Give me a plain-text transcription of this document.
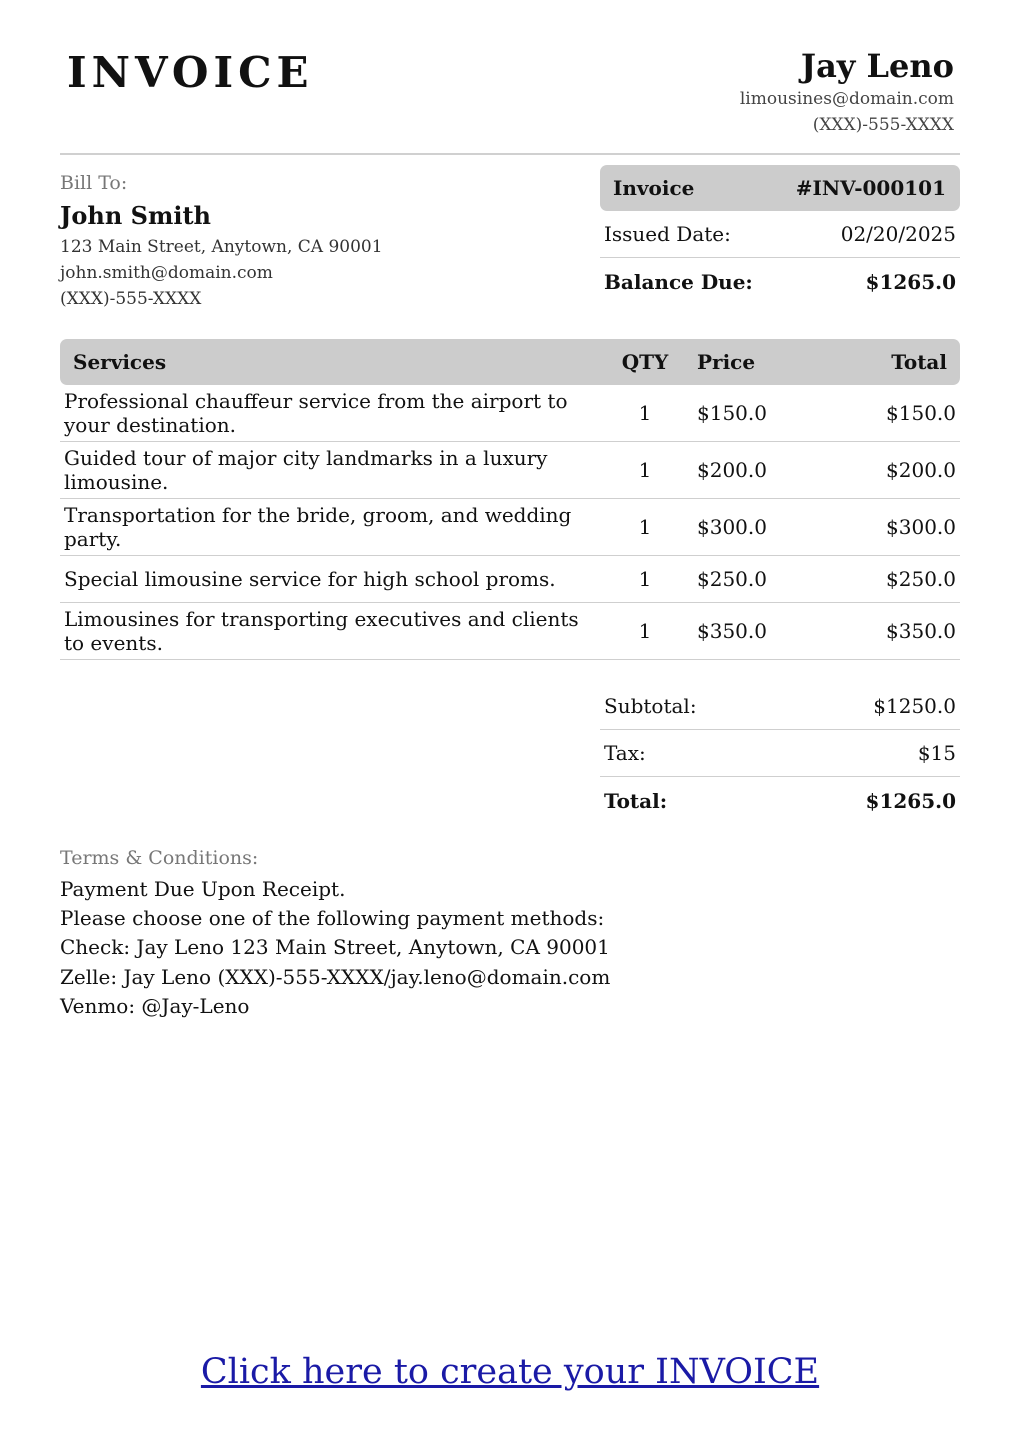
INVOICE	Jay Leno
limousines@domain.com
(XXX)-555-XXXX
Bill To:
John Smith
123 Main Street, Anytown, CA 90001
john.smith@domain.com
(XXX)-555-XXXX
Invoice	#INV-000101
Issued Date:	02/20/2025
Balance Due:	$1265.0
Services	QTY	Price	Total
Professional chauffeur service from the airport to
your destination.	1	$150.0	$150.0
Guided tour of major city landmarks in a luxury
limousine.	1	$200.0	$200.0
Transportation for the bride, groom, and wedding
party.	1	$300.0	$300.0
Special limousine service for high school proms.	1	$250.0	$250.0
Limousines for transporting executives and clients
to events.	1	$350.0	$350.0
Subtotal:	$1250.0
Tax:	$15
Total:	$1265.0
Terms & Conditions:
Payment Due Upon Receipt.
Please choose one of the following payment methods:
Check: Jay Leno 123 Main Street, Anytown, CA 90001
Zelle: Jay Leno (XXX)-555-XXXX/jay.leno@domain.com
Venmo: @Jay-Leno
Click here to create your INVOICE
